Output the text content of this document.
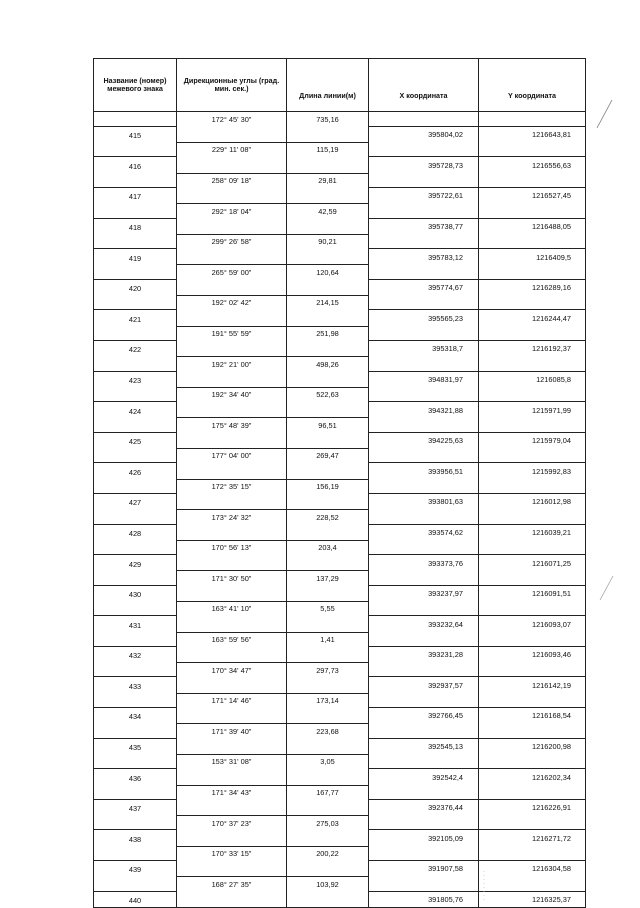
Название (номер) межевого знака	Дирекциoнные углы (град. мин. сек.)	Длина линии(м)	X координата	Y координата
	172° 45' 30"	735,16		
415			395804,02	1216643,81
	229° 11' 08"	115,19		
416			395728,73	1216556,63
	258° 09' 18"	29,81		
417			395722,61	1216527,45
	292° 18' 04"	42,59		
418			395738,77	1216488,05
	299° 26' 58"	90,21		
419			395783,12	1216409,5
	265° 59' 00"	120,64		
420			395774,67	1216289,16
	192° 02' 42"	214,15		
421			395565,23	1216244,47
	191° 55' 59"	251,98		
422			395318,7	1216192,37
	192° 21' 00"	498,26		
423			394831,97	1216085,8
	192° 34' 40"	522,63		
424			394321,88	1215971,99
	175° 48' 39"	96,51		
425			394225,63	1215979,04
	177° 04' 00"	269,47		
426			393956,51	1215992,83
	172° 35' 15"	156,19		
427			393801,63	1216012,98
	173° 24' 32"	228,52		
428			393574,62	1216039,21
	170° 56' 13"	203,4		
429			393373,76	1216071,25
	171° 30' 50"	137,29		
430			393237,97	1216091,51
	163° 41' 10"	5,55		
431			393232,64	1216093,07
	163° 59' 56"	1,41		
432			393231,28	1216093,46
	170° 34' 47"	297,73		
433			392937,57	1216142,19
	171° 14' 46"	173,14		
434			392766,45	1216168,54
	171° 39' 40"	223,68		
435			392545,13	1216200,98
	153° 31' 08"	3,05		
436			392542,4	1216202,34
	171° 34' 43"	167,77		
437			392376,44	1216226,91
	170° 37' 23"	275,03		
438			392105,09	1216271,72
	170° 33' 15"	200,22		
439			391907,58	1216304,58
	168° 27' 35"	103,92		
440			391805,76	1216325,37
